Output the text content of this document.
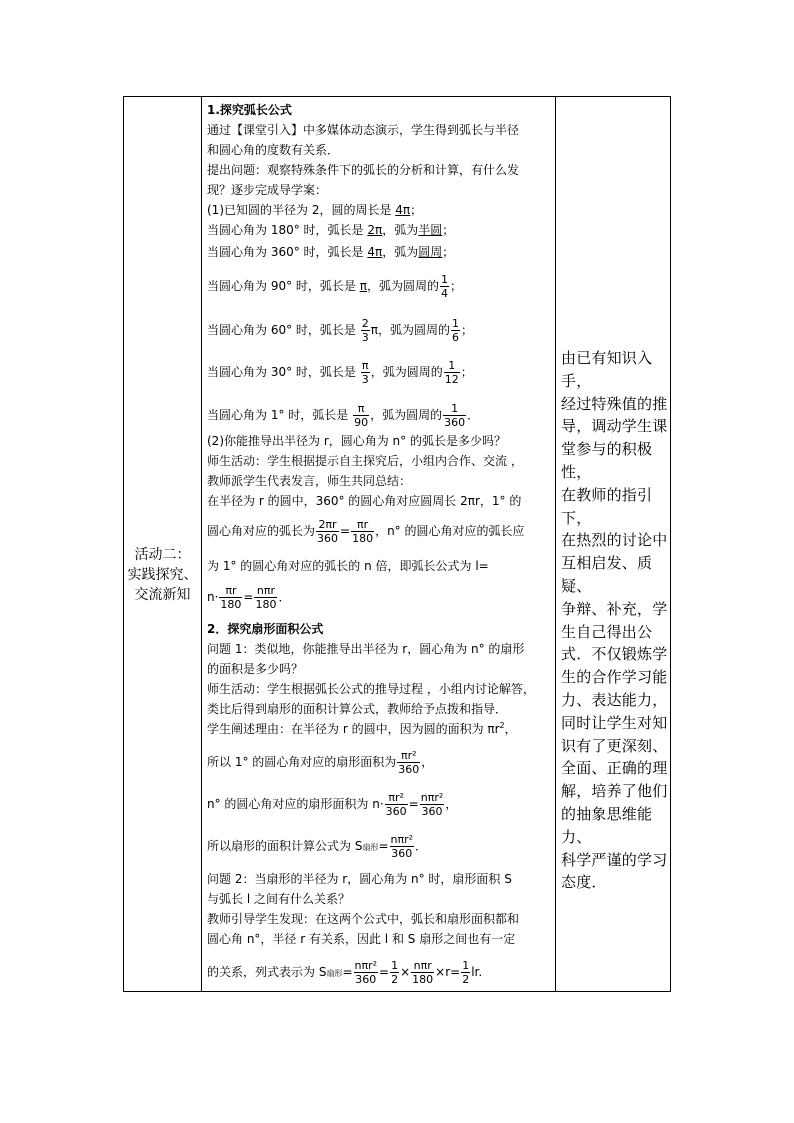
活动二：
实践探究、
交流新知
1.探究弧长公式
通过【课堂引入】中多媒体动态演示，学生得到弧长与半径
和圆心角的度数有关系．
提出问题：观察特殊条件下的弧长的分析和计算，有什么发
现？逐步完成导学案：
(1)已知圆的半径为 2，圆的周长是 4π；
当圆心角为 180° 时，弧长是 2π，弧为半圆；
当圆心角为 360° 时，弧长是 4π，弧为圆周；
当圆心角为 90° 时，弧长是 π，弧为圆周的 $\frac{1}{4}$ ；
当圆心角为 60° 时，弧长是 $\frac{2}{3}$ π，弧为圆周的 $\frac{1}{6}$ ；
当圆心角为 30° 时，弧长是 $\frac{\pi}{3}$ ，弧为圆周的 $\frac{1}{12}$ ；
当圆心角为 1° 时，弧长是 $\frac{\pi}{90}$ ，弧为圆周的 $\frac{1}{360}$ ．
(2)你能推导出半径为 r，圆心角为 n° 的弧长是多少吗？
师生活动：学生根据提示自主探究后，小组内合作、交流 ，
教师派学生代表发言，师生共同总结：
在半径为 r 的圆中，360° 的圆心角对应圆周长 2πr，1° 的
圆心角对应的弧长为 $\frac{2\pi r}{360} = \frac{\pi r}{180}$ ，n° 的圆心角对应的弧长应
为 1° 的圆心角对应的弧长的 n 倍，即弧长公式为 l=
$n\cdot \frac{\pi r}{180} = \frac{\text{nπr}}{180}$ ．
2．探究扇形面积公式
问题 1：类似地，你能推导出半径为 r，圆心角为 n° 的扇形
的面积是多少吗？
师生活动：学生根据弧长公式的推导过程 ，小组内讨论解答，
类比后得到扇形的面积计算公式，教师给予点拨和指导．
学生阐述理由：在半径为 r 的圆中，因为圆的面积为 $\pi r^2$，
所以 1° 的圆心角对应的扇形面积为 $\frac{\text{πr²}}{360}$ ，
n° 的圆心角对应的扇形面积为 $n\cdot \frac{\text{πr²}}{360} = \frac{\text{nπr²}}{360}$ ，
所以扇形的面积计算公式为 S扇形= $\frac{\text{nπr²}}{360}$ ．
问题 2：当扇形的半径为 r，圆心角为 n° 时，扇形面积 S
与弧长 l 之间有什么关系？
教师引导学生发现：在这两个公式中，弧长和扇形面积都和
圆心角 n°，半径 r 有关系，因此 l 和 S 扇形之间也有一定
的关系，列式表示为 S扇形= $\frac{\text{nπr²}}{360} = \frac{1}{2} \times \frac{\text{nπr}}{180} \times r= \frac{1}{2}$ lr.
由已有知识入手，
经过特殊值的推
导，调动学生课
堂参与的积极性，
在教师的指引下，
在热烈的讨论中
互相启发、质疑、
争辩、补充，学
生自己得出公
式．不仅锻炼学
生的合作学习能
力、表达能力，
同时让学生对知
识有了更深刻、
全面、正确的理
解，培养了他们
的抽象思维能力、
科学严谨的学习
态度．
